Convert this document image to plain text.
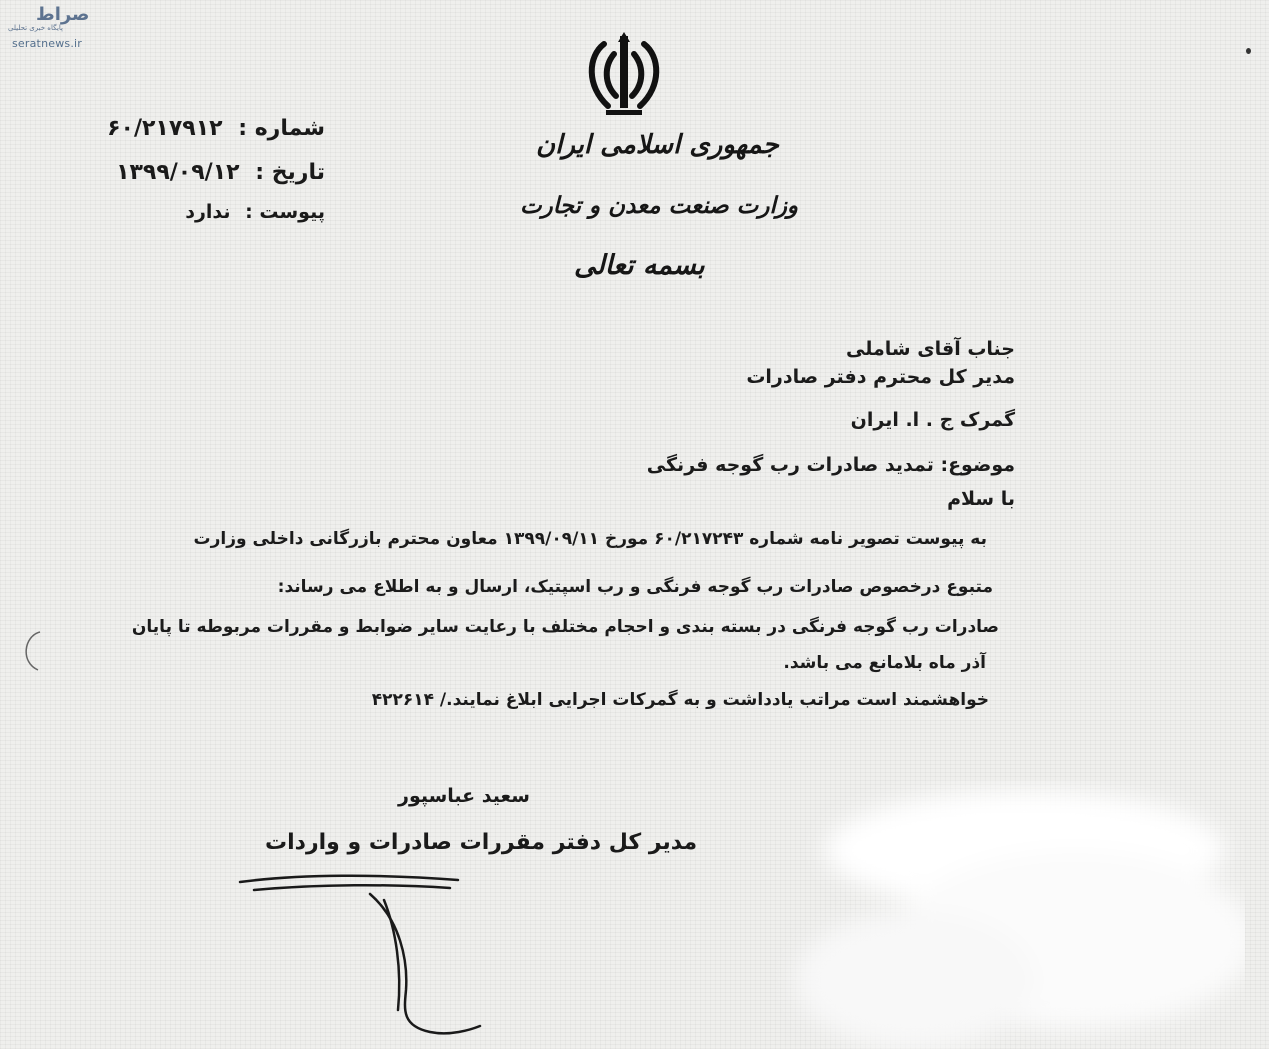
صراط
پایگاه خبری تحلیلی
seratnews.ir
جمهوری اسلامی ایران
وزارت صنعت معدن و تجارت
بسمه تعالی
شماره : ۶۰/۲۱۷۹۱۲
تاریخ : ۱۳۹۹/۰۹/۱۲
پیوست : ندارد
جناب آقای شاملی
مدیر کل محترم دفتر صادرات
گمرک ج . ا. ایران
موضوع: تمدید صادرات رب گوجه فرنگی
با سلام
به پیوست تصویر نامه شماره ۶۰/۲۱۷۲۴۳ مورخ ۱۳۹۹/۰۹/۱۱ معاون محترم بازرگانی داخلی وزارت
متبوع درخصوص صادرات رب گوجه فرنگی و رب اسپتیک، ارسال و به اطلاع می رساند:
صادرات رب گوجه فرنگی در بسته بندی و احجام مختلف با رعایت سایر ضوابط و مقررات مربوطه تا پایان
آذر ماه بلامانع می باشد.
خواهشمند است مراتب یادداشت و به گمرکات اجرایی ابلاغ نمایند./ ۴۲۲۶۱۴
سعید عباسپور
مدیر کل دفتر مقررات صادرات و واردات
